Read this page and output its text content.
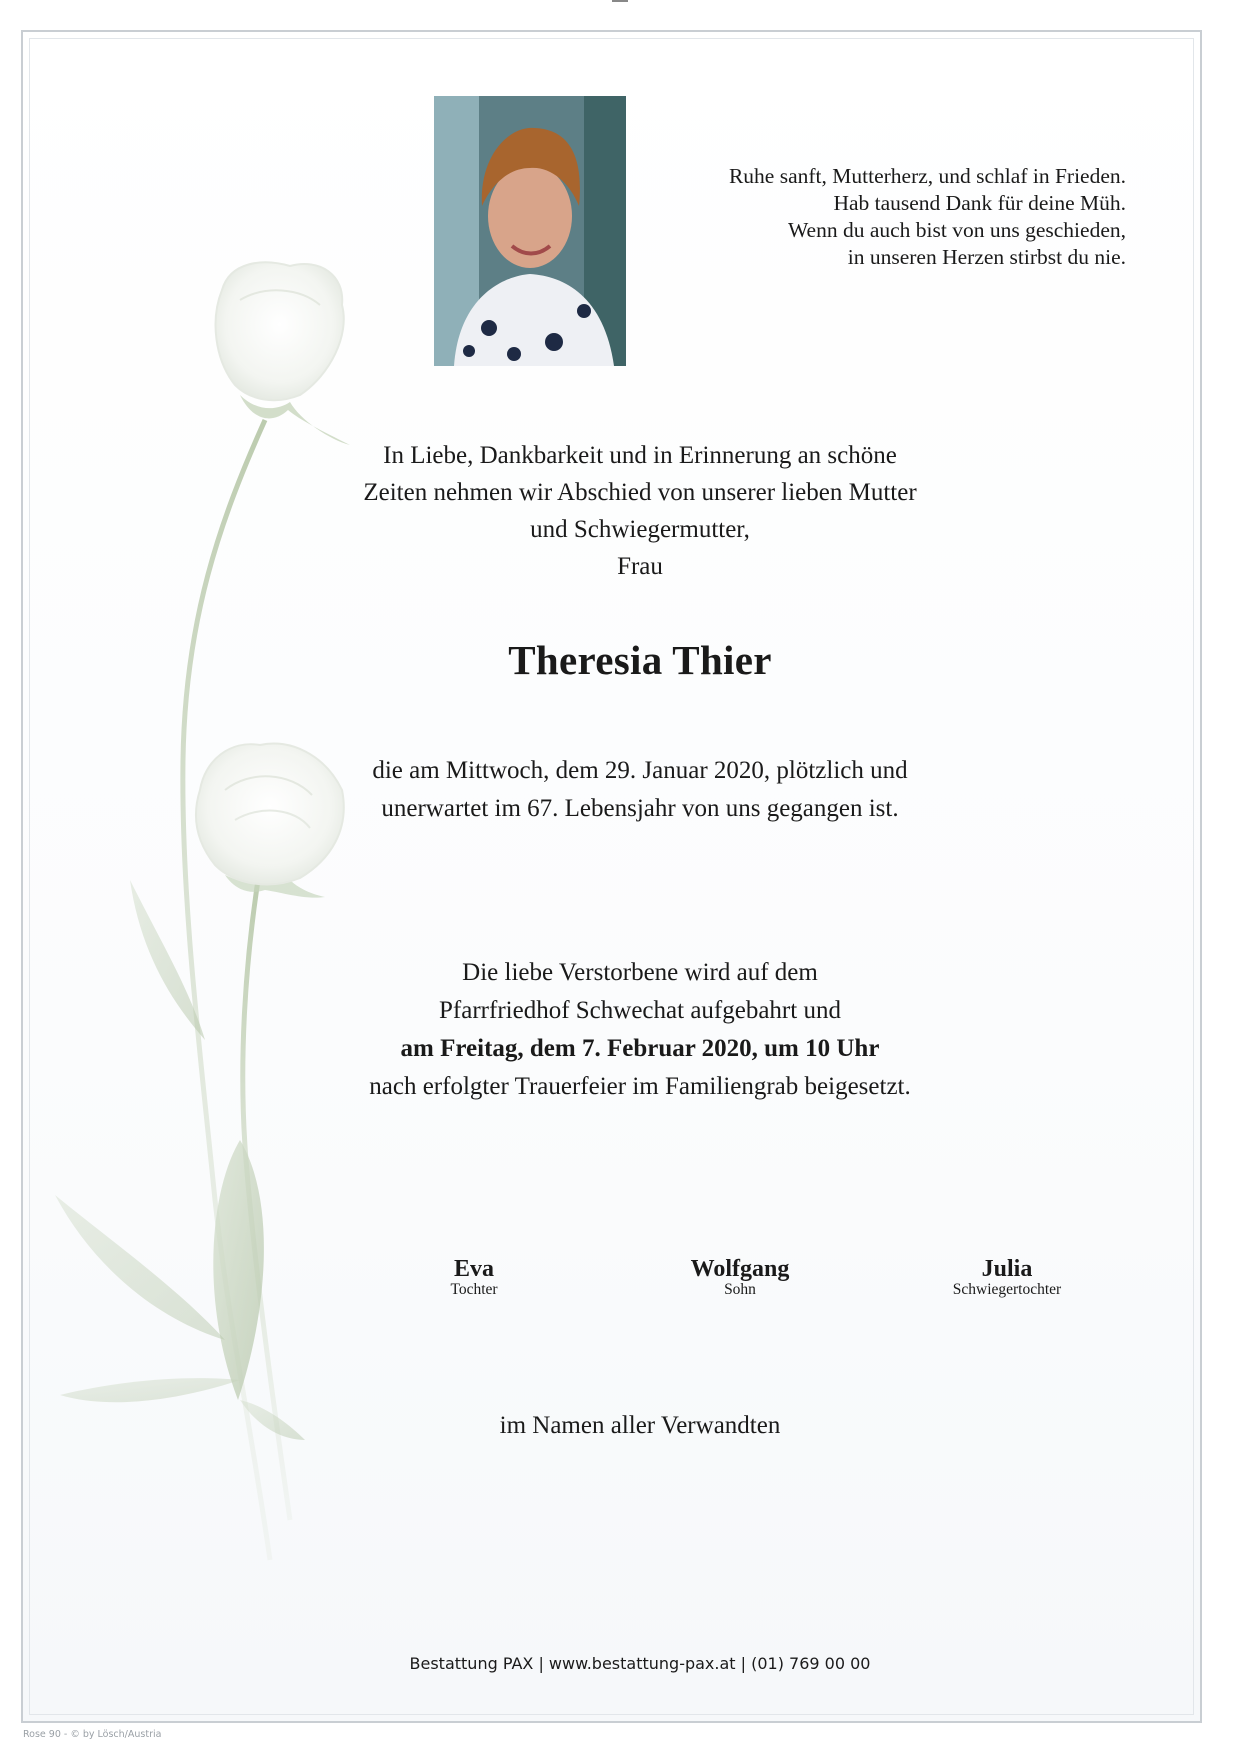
Ruhe sanft, Mutterherz, und schlaf in Frieden.
Hab tausend Dank für deine Müh.
Wenn du auch bist von uns geschieden,
in unseren Herzen stirbst du nie.
In Liebe, Dankbarkeit und in Erinnerung an schöne
Zeiten nehmen wir Abschied von unserer lieben Mutter
und Schwiegermutter,
Frau
Theresia Thier
die am Mittwoch, dem 29. Januar 2020, plötzlich und
unerwartet im 67. Lebensjahr von uns gegangen ist.
Die liebe Verstorbene wird auf dem
Pfarrfriedhof Schwechat aufgebahrt und
am Freitag, dem 7. Februar 2020, um 10 Uhr
nach erfolgter Trauerfeier im Familiengrab beigesetzt.
Eva
Tochter
Wolfgang
Sohn
Julia
Schwiegertochter
im Namen aller Verwandten
Bestattung PAX | www.bestattung-pax.at | (01) 769 00 00
Rose 90 - © by Lösch/Austria
